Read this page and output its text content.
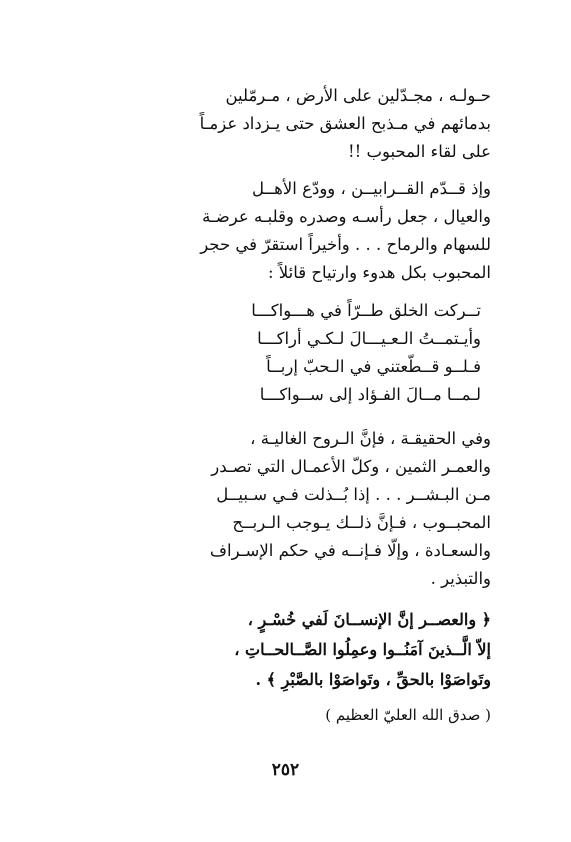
حـولـه ، مجـدّلين على الأرض ، مـرمّلين
بدمائهم في مـذبح العشق حتى يـزداد عزمـاً
على لقاء المحبوب !!
وإذ قــدّم القــرابيــن ، وودّع الأهــل
والعيال ، جعل رأسـه وصدره وقلبـه عرضـة
للسهام والرماح . . . وأخيراً استقرّ في حجر
المحبوب بكل هدوء وارتياح قائلاً :
تــركت الخلق طــرّاً في هـــواكـــا
وأيـتمــتُ الـعـيـــالَ لـكـي أراكـــا
فـلــو قــطّعتني في الـحبّ إربــاً
لـمــا مــالَ الفـؤاد إلى ســواكـــا
وفي الحقيقـة ، فإنَّ الـروح الغاليـة ،
والعمـر الثمين ، وكلّ الأعمـال التي تصـدر
مـن البـشــر . . . إذا بُــذلت فـي سـبيــل
المحبــوب ، فـإنَّ ذلــك يـوجب الـربــح
والسعـادة ، وإلّا فـإنــه في حكم الإسـراف
والتبذير .
﴿ والعصــر إنَّ الإنســانَ لَفي خُسْـرٍ ،
إلاّ الَّــذينَ آمَنُــوا وعمِلُوا الصَّــالحــاتِ ،
وتَواصَوْا بالحقِّ ، وتَواصَوْا بالصَّبْرِ ﴾ .
( صدق الله العليّ العظيم )
٢٥٢
